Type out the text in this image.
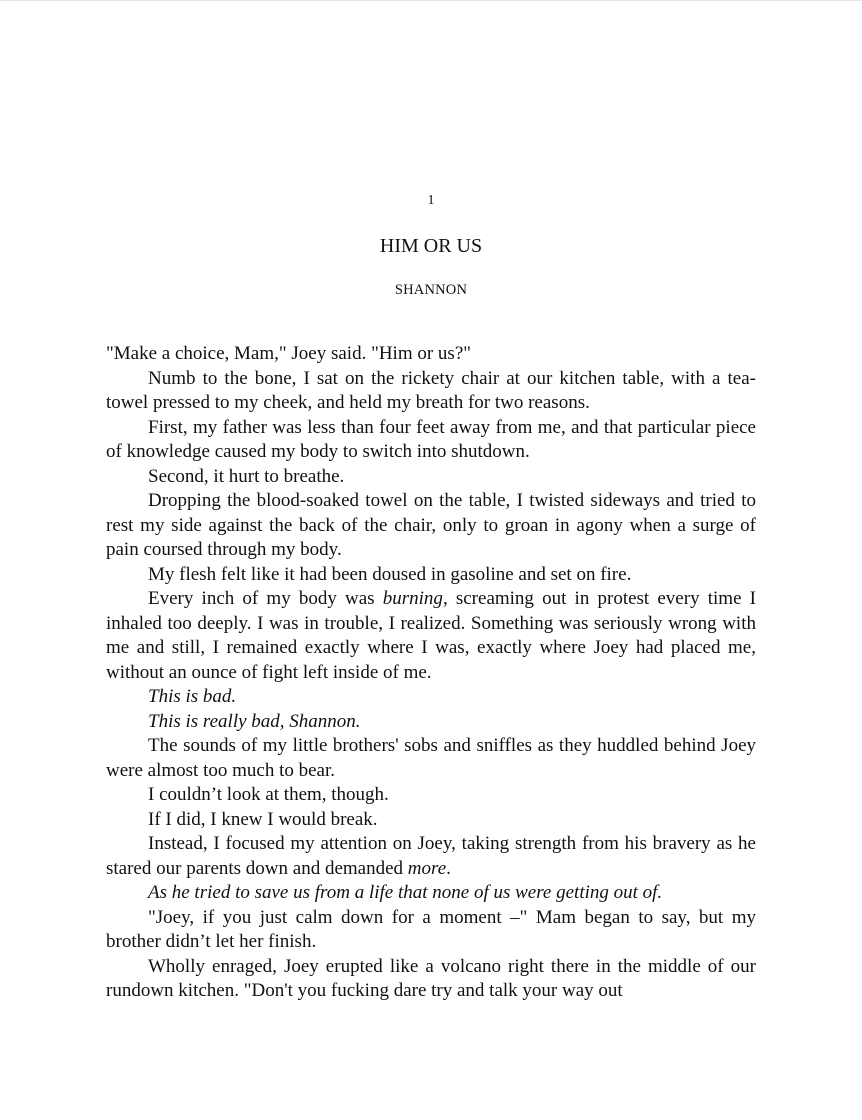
1
HIM OR US
SHANNON

"Make a choice, Mam," Joey said. "Him or us?"

Numb to the bone, I sat on the rickety chair at our kitchen table, with a tea-towel pressed to my cheek, and held my breath for two reasons.

First, my father was less than four feet away from me, and that particular piece of knowledge caused my body to switch into shutdown.

Second, it hurt to breathe.

Dropping the blood-soaked towel on the table, I twisted sideways and tried to rest my side against the back of the chair, only to groan in agony when a surge of pain coursed through my body.

My flesh felt like it had been doused in gasoline and set on fire.

Every inch of my body was burning, screaming out in protest every time I inhaled too deeply. I was in trouble, I realized. Something was seriously wrong with me and still, I remained exactly where I was, exactly where Joey had placed me, without an ounce of fight left inside of me.

This is bad.

This is really bad, Shannon.

The sounds of my little brothers' sobs and sniffles as they huddled behind Joey were almost too much to bear.

I couldn’t look at them, though.

If I did, I knew I would break.

Instead, I focused my attention on Joey, taking strength from his bravery as he stared our parents down and demanded more.

As he tried to save us from a life that none of us were getting out of.

"Joey, if you just calm down for a moment –" Mam began to say, but my brother didn’t let her finish.

Wholly enraged, Joey erupted like a volcano right there in the middle of our rundown kitchen. "Don't you fucking dare try and talk your way out
